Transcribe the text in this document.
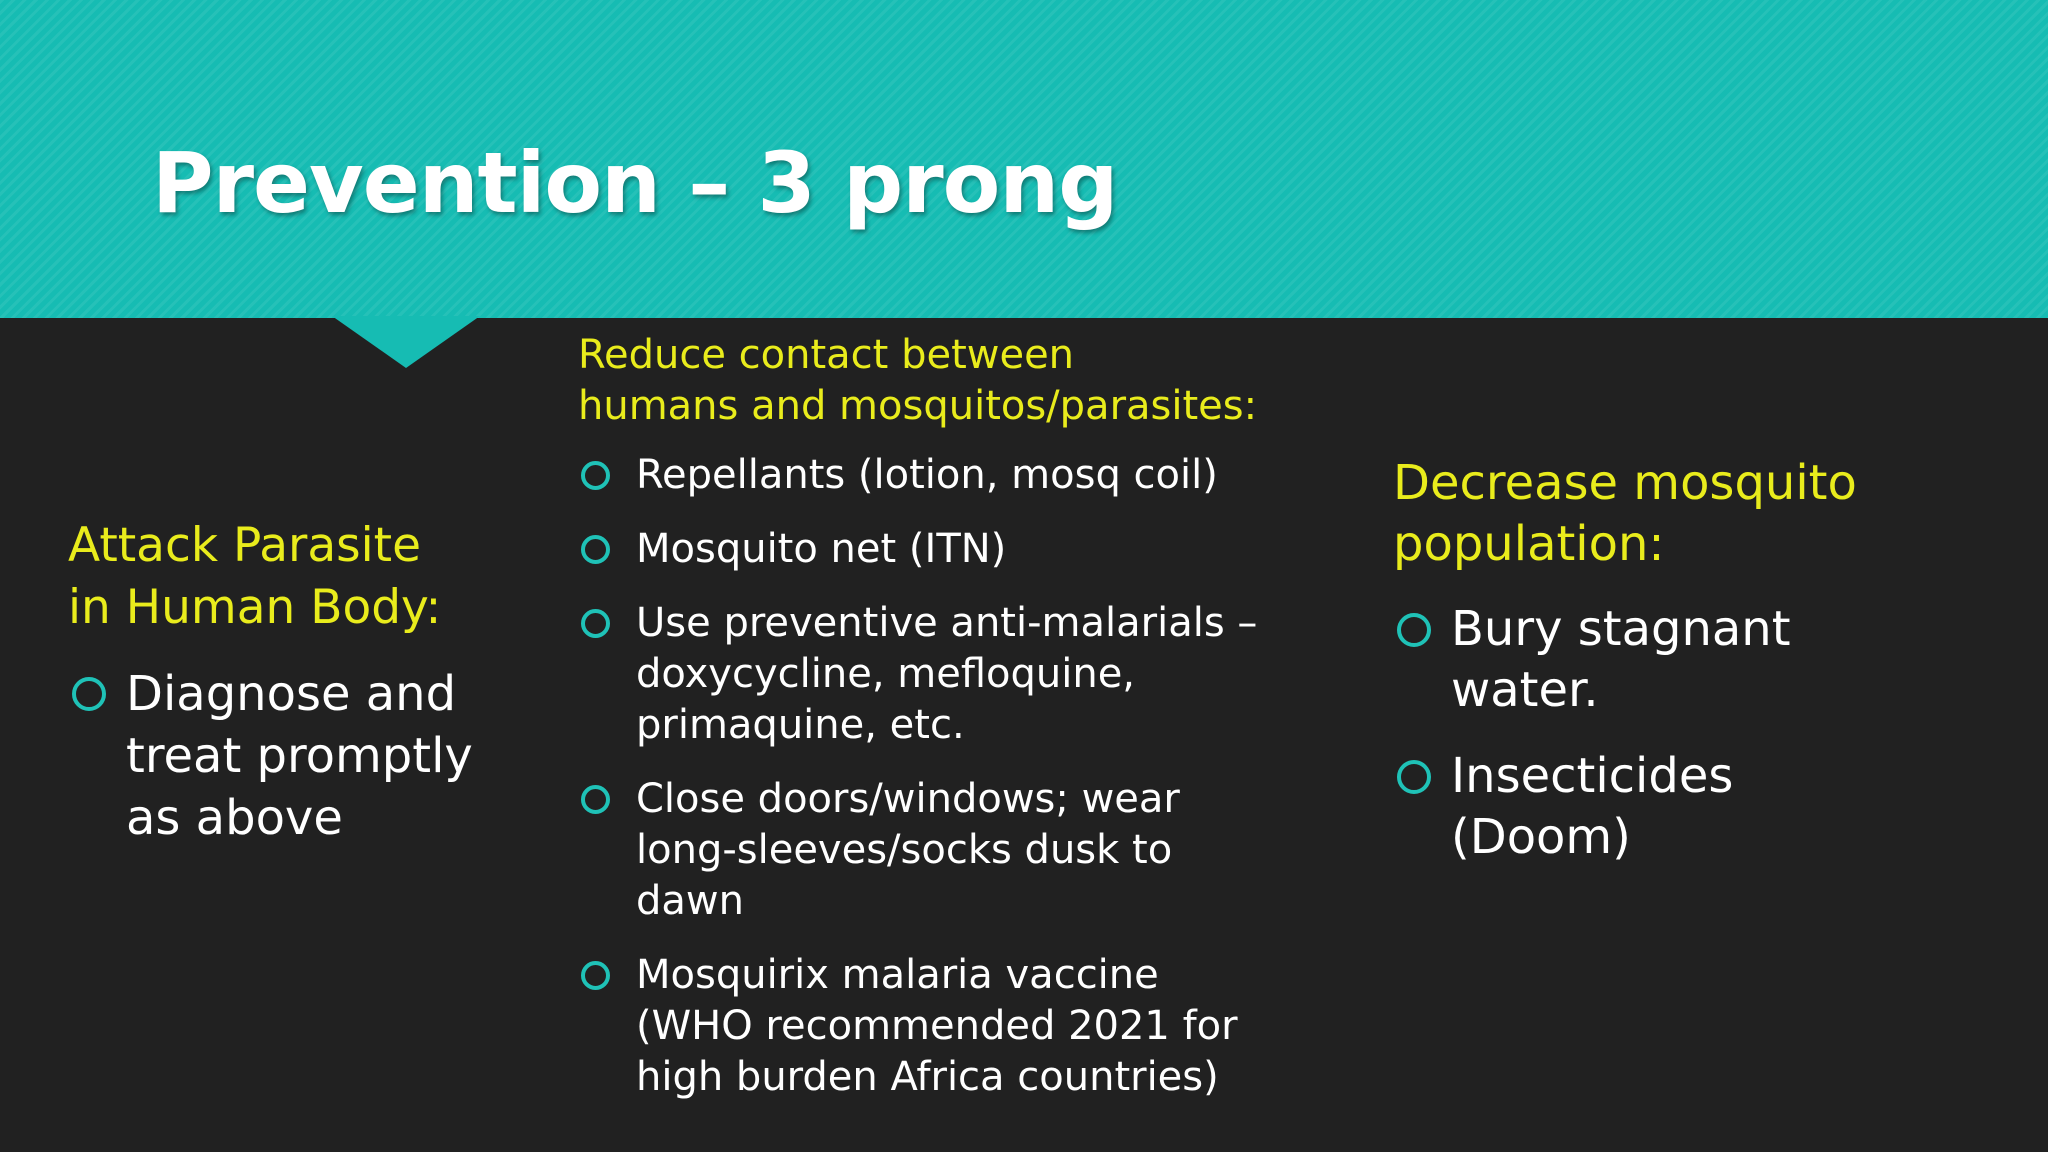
Prevention – 3 prong
Attack Parasite
in Human Body:
Diagnose and
treat promptly
as above
Reduce contact between
humans and mosquitos/parasites:
Repellants (lotion, mosq coil)
Mosquito net (ITN)
Use preventive anti-malarials –
doxycycline, mefloquine,
primaquine, etc.
Close doors/windows; wear
long-sleeves/socks dusk to
dawn
Mosquirix malaria vaccine
(WHO recommended 2021 for
high burden Africa countries)
Decrease mosquito
population:
Bury stagnant
water.
Insecticides
(Doom)
